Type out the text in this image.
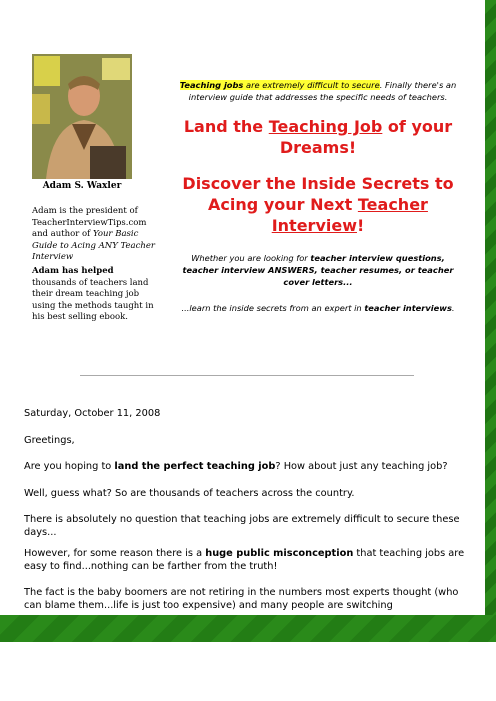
Adam S. Waxler
Adam is the president of TeacherInterviewTips.com and author of Your Basic Guide to Acing ANY Teacher Interview
Adam has helped thousands of teachers land their dream teaching job using the methods taught in his best selling ebook.
Teaching jobs are extremely difficult to secure. Finally there's an interview guide that addresses the specific needs of teachers.
Land the Teaching Job of your Dreams!
Discover the Inside Secrets to Acing your Next Teacher Interview!
Whether you are looking for teacher interview questions, teacher interview ANSWERS, teacher resumes, or teacher cover letters...
...learn the inside secrets from an expert in teacher interviews.
Saturday, October 11, 2008
Greetings,
Are you hoping to land the perfect teaching job? How about just any teaching job?
Well, guess what? So are thousands of teachers across the country.
There is absolutely no question that teaching jobs are extremely difficult to secure these days...
However, for some reason there is a huge public misconception that teaching jobs are easy to find...nothing can be farther from the truth!
The fact is the baby boomers are not retiring in the numbers most experts thought (who can blame them...life is just too expensive) and many people are switching
